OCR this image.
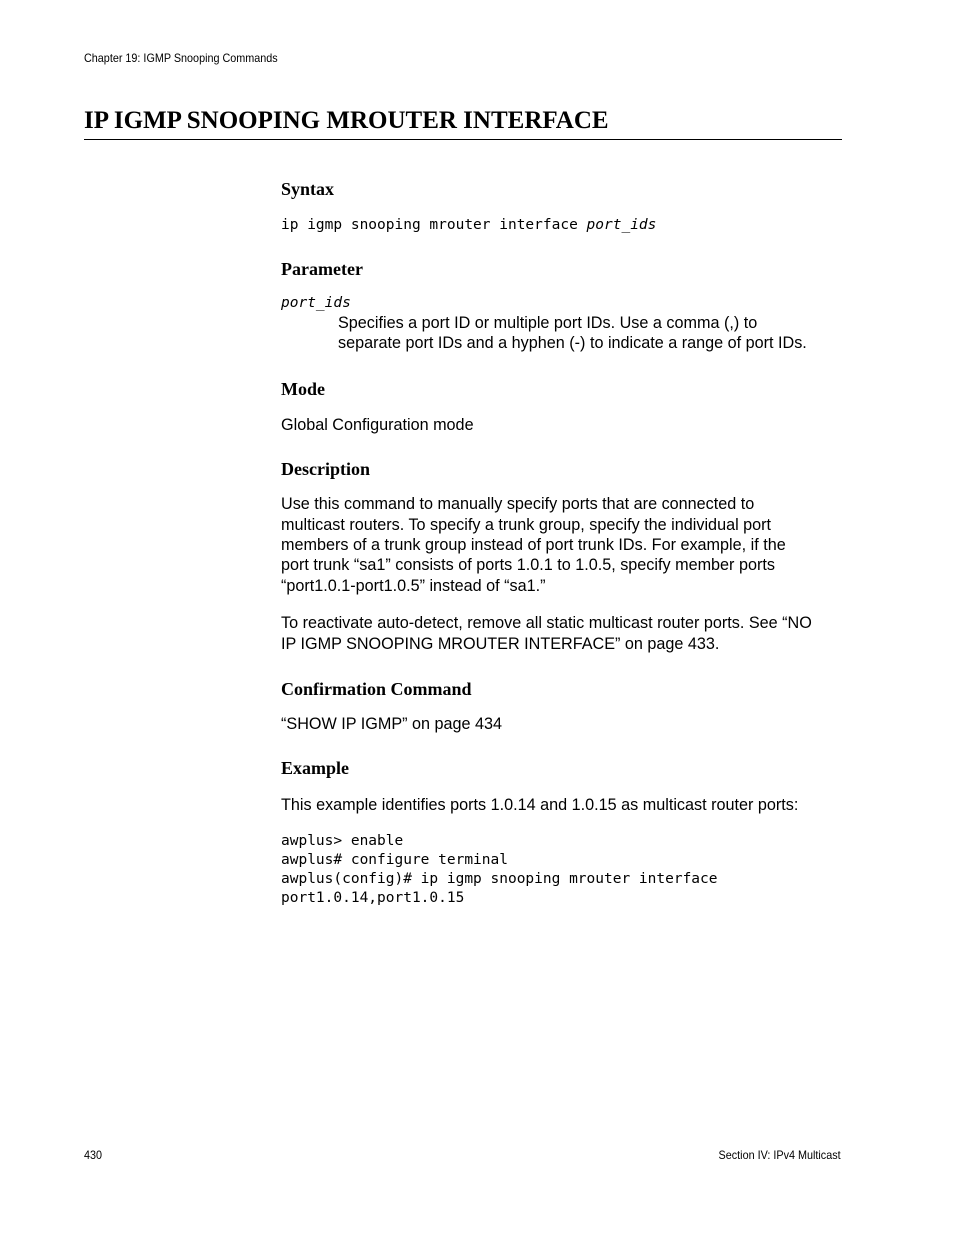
Chapter 19: IGMP Snooping Commands
IP IGMP SNOOPING MROUTER INTERFACE
Syntax
ip igmp snooping mrouter interface port_ids
Parameter
port_ids
Specifies a port ID or multiple port IDs. Use a comma (,) to
separate port IDs and a hyphen (-) to indicate a range of port IDs.
Mode
Global Configuration mode
Description
Use this command to manually specify ports that are connected to
multicast routers. To specify a trunk group, specify the individual port
members of a trunk group instead of port trunk IDs. For example, if the
port trunk “sa1” consists of ports 1.0.1 to 1.0.5, specify member ports
“port1.0.1-port1.0.5” instead of “sa1.”
To reactivate auto-detect, remove all static multicast router ports. See “NO
IP IGMP SNOOPING MROUTER INTERFACE” on page 433.
Confirmation Command
“SHOW IP IGMP” on page 434
Example
This example identifies ports 1.0.14 and 1.0.15 as multicast router ports:
awplus> enable
awplus# configure terminal
awplus(config)# ip igmp snooping mrouter interface
port1.0.14,port1.0.15
430	Section IV: IPv4 Multicast
